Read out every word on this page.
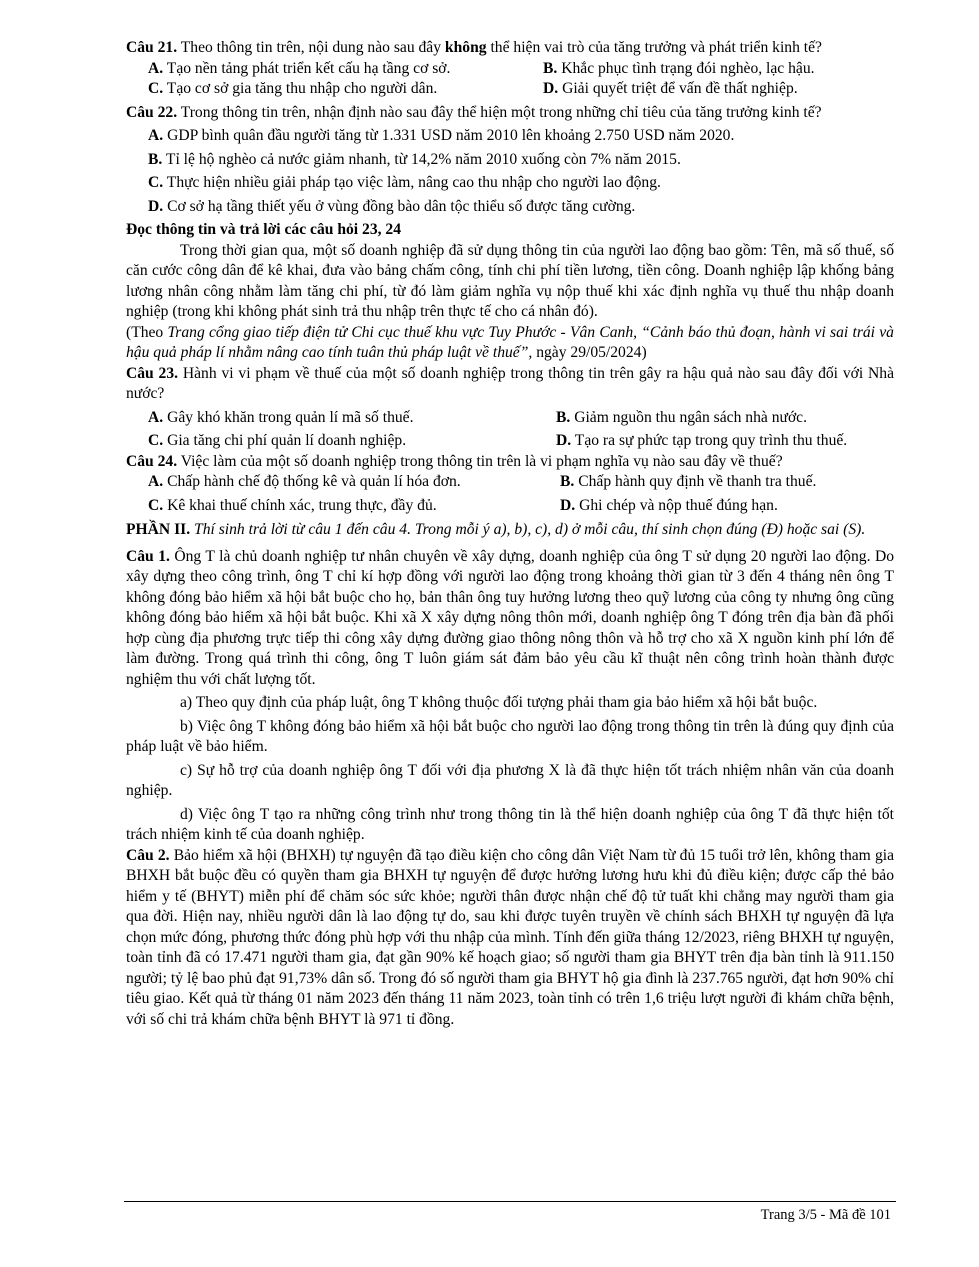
Câu 21. Theo thông tin trên, nội dung nào sau đây không thể hiện vai trò của tăng trưởng và phát triển kinh tế?

A. Tạo nền tảng phát triển kết cấu hạ tầng cơ sở.	B. Khắc phục tình trạng đói nghèo, lạc hậu.
C. Tạo cơ sở gia tăng thu nhập cho người dân.	D. Giải quyết triệt để vấn đề thất nghiệp.

Câu 22. Trong thông tin trên, nhận định nào sau đây thể hiện một trong những chỉ tiêu của tăng trưởng kinh tế?

A. GDP bình quân đầu người tăng từ 1.331 USD năm 2010 lên khoảng 2.750 USD năm 2020.

B. Tỉ lệ hộ nghèo cả nước giảm nhanh, từ 14,2% năm 2010 xuống còn 7% năm 2015.

C. Thực hiện nhiều giải pháp tạo việc làm, nâng cao thu nhập cho người lao động.

D. Cơ sở hạ tầng thiết yếu ở vùng đồng bào dân tộc thiểu số được tăng cường.

Đọc thông tin và trả lời các câu hỏi 23, 24

Trong thời gian qua, một số doanh nghiệp đã sử dụng thông tin của người lao động bao gồm: Tên, mã số thuế, số căn cước công dân để kê khai, đưa vào bảng chấm công, tính chi phí tiền lương, tiền công. Doanh nghiệp lập khống bảng lương nhân công nhằm làm tăng chi phí, từ đó làm giảm nghĩa vụ nộp thuế khi xác định nghĩa vụ thuế thu nhập doanh nghiệp (trong khi không phát sinh trả thu nhập trên thực tế cho cá nhân đó).

(Theo Trang cổng giao tiếp điện tử Chi cục thuế khu vực Tuy Phước - Vân Canh, “Cảnh báo thủ đoạn, hành vi sai trái và hậu quả pháp lí nhằm nâng cao tính tuân thủ pháp luật về thuế”, ngày 29/05/2024)

Câu 23. Hành vi vi phạm về thuế của một số doanh nghiệp trong thông tin trên gây ra hậu quả nào sau đây đối với Nhà nước?

A. Gây khó khăn trong quản lí mã số thuế.	B. Giảm nguồn thu ngân sách nhà nước.
C. Gia tăng chi phí quản lí doanh nghiệp.	D. Tạo ra sự phức tạp trong quy trình thu thuế.

Câu 24. Việc làm của một số doanh nghiệp trong thông tin trên là vi phạm nghĩa vụ nào sau đây về thuế?

A. Chấp hành chế độ thống kê và quản lí hóa đơn.	B. Chấp hành quy định về thanh tra thuế.
C. Kê khai thuế chính xác, trung thực, đầy đủ.	D. Ghi chép và nộp thuế đúng hạn.

PHẦN II. Thí sinh trả lời từ câu 1 đến câu 4. Trong mỗi ý a), b), c), d) ở mỗi câu, thí sinh chọn đúng (Đ) hoặc sai (S).

Câu 1. Ông T là chủ doanh nghiệp tư nhân chuyên về xây dựng, doanh nghiệp của ông T sử dụng 20 người lao động. Do xây dựng theo công trình, ông T chỉ kí hợp đồng với người lao động trong khoảng thời gian từ 3 đến 4 tháng nên ông T không đóng bảo hiểm xã hội bắt buộc cho họ, bản thân ông tuy hưởng lương theo quỹ lương của công ty nhưng ông cũng không đóng bảo hiểm xã hội bắt buộc. Khi xã X xây dựng nông thôn mới, doanh nghiệp ông T đóng trên địa bàn đã phối hợp cùng địa phương trực tiếp thi công xây dựng đường giao thông nông thôn và hỗ trợ cho xã X nguồn kinh phí lớn để làm đường. Trong quá trình thi công, ông T luôn giám sát đảm bảo yêu cầu kĩ thuật nên công trình hoàn thành được nghiệm thu với chất lượng tốt.

a) Theo quy định của pháp luật, ông T không thuộc đối tượng phải tham gia bảo hiểm xã hội bắt buộc.

b) Việc ông T không đóng bảo hiểm xã hội bắt buộc cho người lao động trong thông tin trên là đúng quy định của pháp luật về bảo hiểm.

c) Sự hỗ trợ của doanh nghiệp ông T đối với địa phương X là đã thực hiện tốt trách nhiệm nhân văn của doanh nghiệp.

d) Việc ông T tạo ra những công trình như trong thông tin là thể hiện doanh nghiệp của ông T đã thực hiện tốt trách nhiệm kinh tế của doanh nghiệp.

Câu 2. Bảo hiểm xã hội (BHXH) tự nguyện đã tạo điều kiện cho công dân Việt Nam từ đủ 15 tuổi trở lên, không tham gia BHXH bắt buộc đều có quyền tham gia BHXH tự nguyện để được hưởng lương hưu khi đủ điều kiện; được cấp thẻ bảo hiểm y tế (BHYT) miễn phí để chăm sóc sức khỏe; người thân được nhận chế độ tử tuất khi chẳng may người tham gia qua đời. Hiện nay, nhiều người dân là lao động tự do, sau khi được tuyên truyền về chính sách BHXH tự nguyện đã lựa chọn mức đóng, phương thức đóng phù hợp với thu nhập của mình. Tính đến giữa tháng 12/2023, riêng BHXH tự nguyện, toàn tỉnh đã có 17.471 người tham gia, đạt gần 90% kế hoạch giao; số người tham gia BHYT trên địa bàn tỉnh là 911.150 người; tỷ lệ bao phủ đạt 91,73% dân số. Trong đó số người tham gia BHYT hộ gia đình là 237.765 người, đạt hơn 90% chỉ tiêu giao. Kết quả từ tháng 01 năm 2023 đến tháng 11 năm 2023, toàn tỉnh có trên 1,6 triệu lượt người đi khám chữa bệnh, với số chi trả khám chữa bệnh BHYT là 971 tỉ đồng.

Trang 3/5 - Mã đề 101
